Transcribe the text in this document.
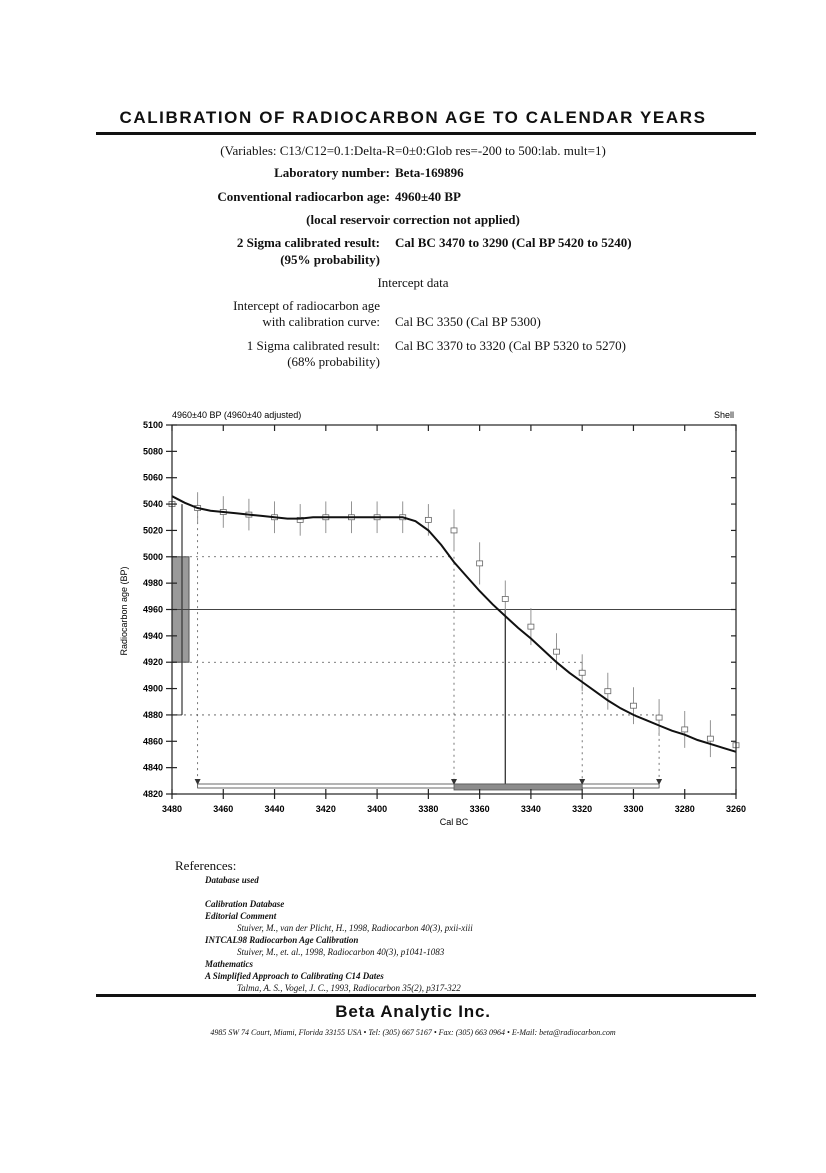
CALIBRATION OF RADIOCARBON AGE TO CALENDAR YEARS
(Variables: C13/C12=0.1:Delta-R=0±0:Glob res=-200 to 500:lab. mult=1)
Laboratory number: Beta-169896
Conventional radiocarbon age: 4960±40 BP
(local reservoir correction not applied)
2 Sigma calibrated result:
(95% probability)
Cal BC 3470 to 3290 (Cal BP 5420 to 5240)
Intercept data
Intercept of radiocarbon age
with calibration curve: Cal BC 3350 (Cal BP 5300)
1 Sigma calibrated result:
(68% probability)
Cal BC 3370 to 3320 (Cal BP 5320 to 5270)
4820
4840
4860
4880
4900
4920
4940
4960
4980
5000
5020
5040
5060
5080
5100
3480	3460	3440	3420	3400	3380	3360	3340	3320	3300	3280	3260
4960±40 BP (4960±40 adjusted)	Shell
Cal BC
Radiocarbon age (BP)
References:
Database used

Calibration Database
Editorial Comment
Stuiver, M., van der Plicht, H., 1998, Radiocarbon 40(3), pxii-xiii
INTCAL98 Radiocarbon Age Calibration
Stuiver, M., et. al., 1998, Radiocarbon 40(3), p1041-1083
Mathematics
A Simplified Approach to Calibrating C14 Dates
Talma, A. S., Vogel, J. C., 1993, Radiocarbon 35(2), p317-322
Beta Analytic Inc.
4985 SW 74 Court, Miami, Florida 33155 USA • Tel: (305) 667 5167 • Fax: (305) 663 0964 • E-Mail: beta@radiocarbon.com
